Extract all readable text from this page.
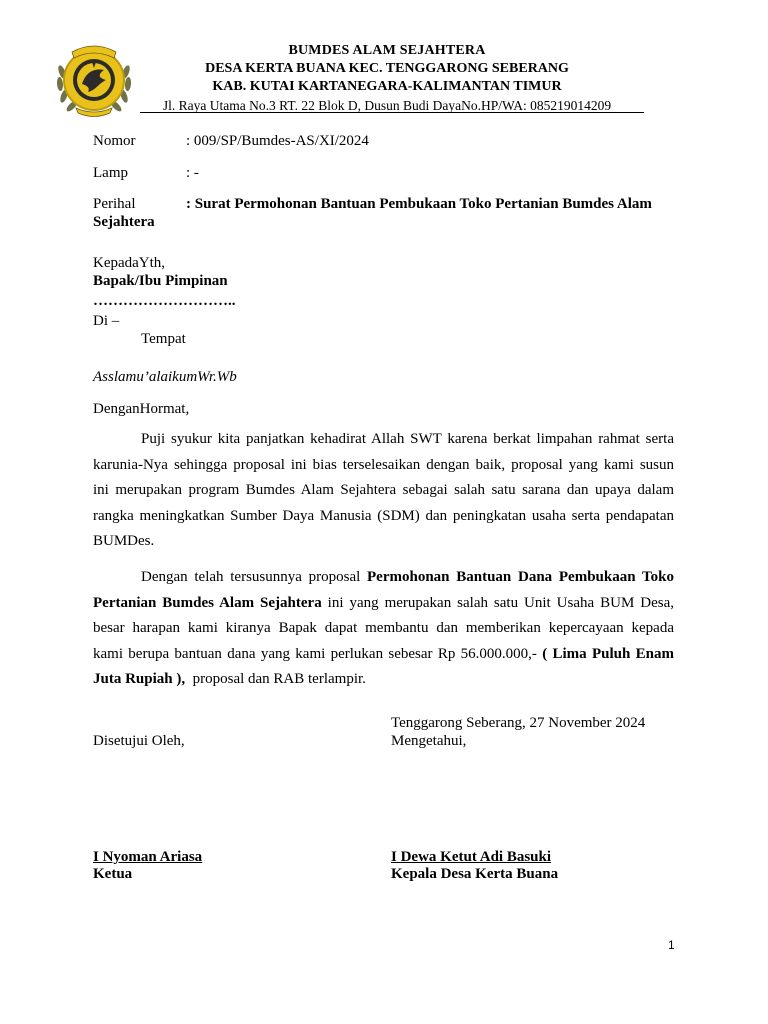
BUMDES ALAM SEJAHTERA
DESA KERTA BUANA KEC. TENGGARONG SEBERANG
KAB. KUTAI KARTANEGARA-KALIMANTAN TIMUR
Jl. Raya Utama No.3 RT. 22 Blok D, Dusun Budi DayaNo.HP/WA: 085219014209
Nomor	: 009/SP/Bumdes-AS/XI/2024
Lamp	: -
Perihal	: Surat Permohonan Bantuan Pembukaan Toko Pertanian Bumdes Alam
Sejahtera
KepadaYth,
Bapak/Ibu Pimpinan
………………………..
Di –
Tempat
Asslamu’alaikumWr.Wb
DenganHormat,
Puji syukur kita panjatkan kehadirat Allah SWT karena berkat limpahan rahmat serta
karunia-Nya sehingga proposal ini bias terselesaikan dengan baik, proposal yang kami susun
ini merupakan program Bumdes Alam Sejahtera sebagai salah satu sarana dan upaya dalam
rangka meningkatkan Sumber Daya Manusia (SDM) dan peningkatan usaha serta pendapatan
BUMDes.
Dengan telah tersusunnya proposal Permohonan Bantuan Dana Pembukaan Toko
Pertanian Bumdes Alam Sejahtera ini yang merupakan salah satu Unit Usaha BUM Desa,
besar harapan kami kiranya Bapak dapat membantu dan memberikan kepercayaan kepada
kami berupa bantuan dana yang kami perlukan sebesar Rp 56.000.000,- ( Lima Puluh Enam
Juta Rupiah ),  proposal dan RAB terlampir.
Tenggarong Seberang, 27 November 2024
Mengetahui,
Disetujui Oleh,
I Nyoman Ariasa
Ketua
I Dewa Ketut Adi Basuki
Kepala Desa Kerta Buana
1
